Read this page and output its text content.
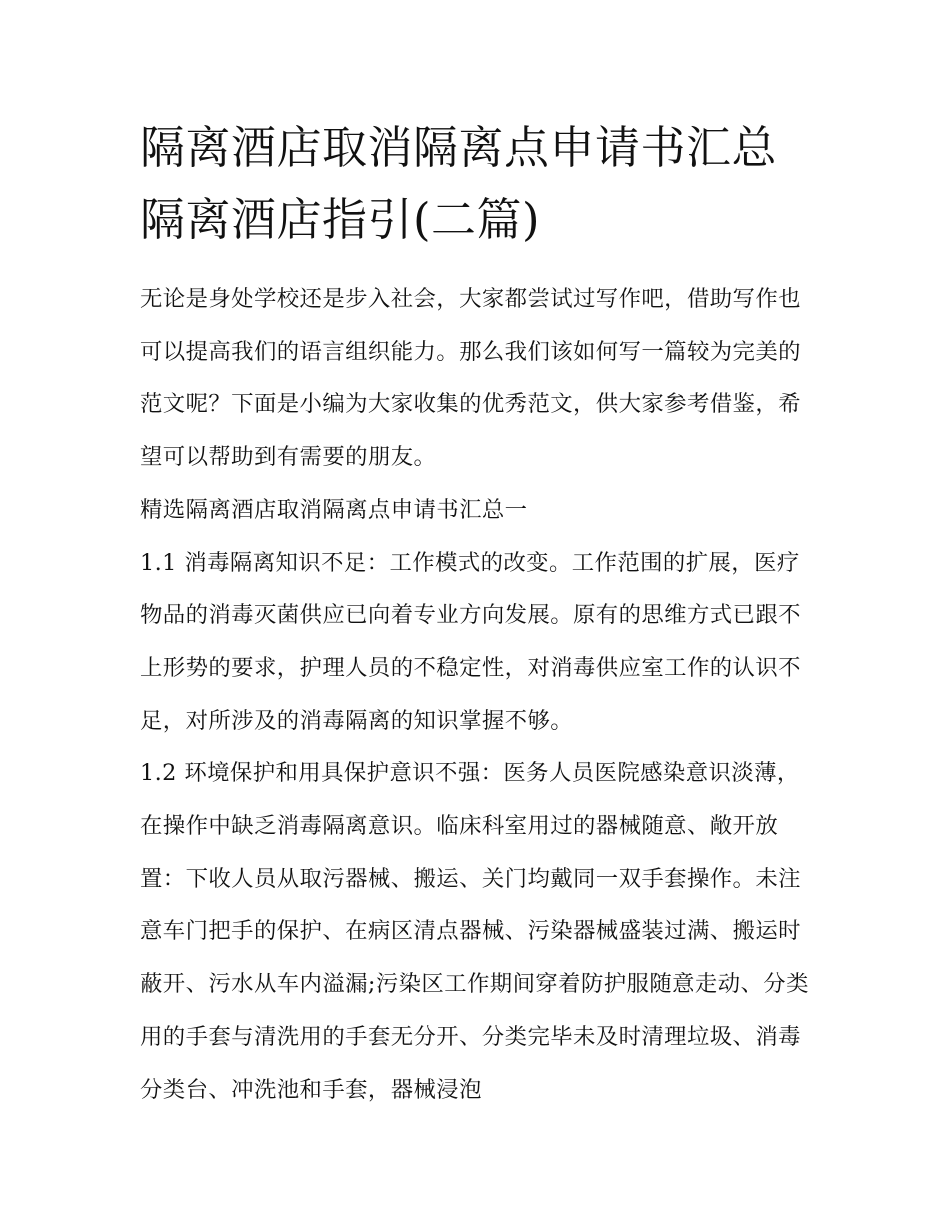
隔离酒店取消隔离点申请书汇总 隔离酒店指引(二篇)

无论是身处学校还是步入社会，大家都尝试过写作吧，借助写作也可以提高我们的语言组织能力。那么我们该如何写一篇较为完美的范文呢？下面是小编为大家收集的优秀范文，供大家参考借鉴，希望可以帮助到有需要的朋友。

精选隔离酒店取消隔离点申请书汇总一

1.1 消毒隔离知识不足：工作模式的改变。工作范围的扩展，医疗物品的消毒灭菌供应已向着专业方向发展。原有的思维方式已跟不上形势的要求，护理人员的不稳定性，对消毒供应室工作的认识不足，对所涉及的消毒隔离的知识掌握不够。

1.2 环境保护和用具保护意识不强：医务人员医院感染意识淡薄，在操作中缺乏消毒隔离意识。临床科室用过的器械随意、敞开放置：下收人员从取污器械、搬运、关门均戴同一双手套操作。未注意车门把手的保护、在病区清点器械、污染器械盛装过满、搬运时蔽开、污水从车内溢漏;污染区工作期间穿着防护服随意走动、分类用的手套与清洗用的手套无分开、分类完毕未及时清理垃圾、消毒分类台、冲洗池和手套，器械浸泡
